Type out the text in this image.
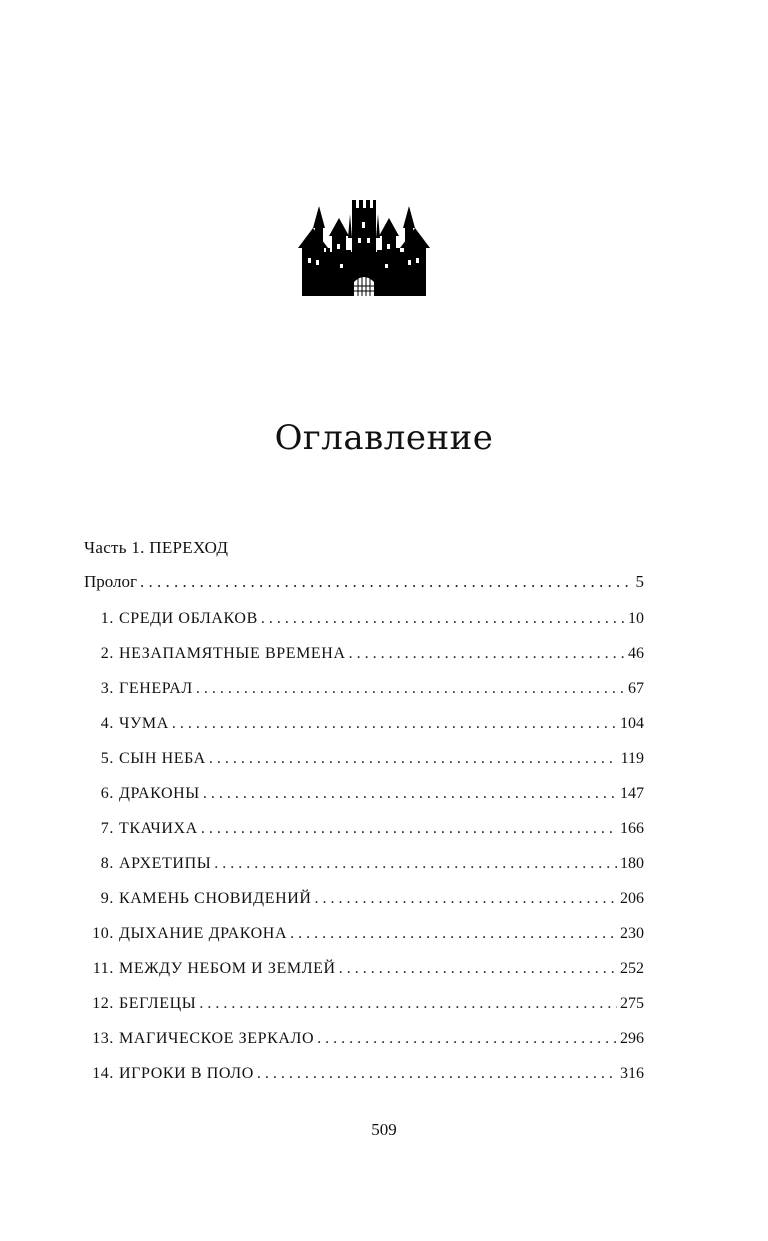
Оглавление
Часть 1. ПЕРЕХОД
Пролог . . .	5
1. СРЕДИ ОБЛАКОВ . . .	10
2. НЕЗАПАМЯТНЫЕ ВРЕМЕНА . . .	46
3. ГЕНЕРАЛ . . .	67
4. ЧУМА . . .	104
5. СЫН НЕБА . . .	119
6. ДРАКОНЫ . . .	147
7. ТКАЧИХА . . .	166
8. АРХЕТИПЫ . . .	180
9. КАМЕНЬ СНОВИДЕНИЙ . . .	206
10. ДЫХАНИЕ ДРАКОНА . . .	230
11. МЕЖДУ НЕБОМ И ЗЕМЛЕЙ . . .	252
12. БЕГЛЕЦЫ . . .	275
13. МАГИЧЕСКОЕ ЗЕРКАЛО . . .	296
14. ИГРОКИ В ПОЛО . . .	316
509
